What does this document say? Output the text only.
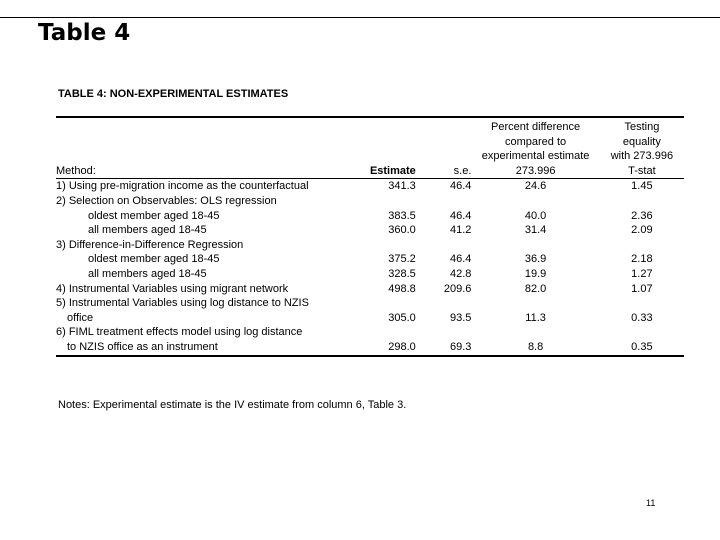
Table 4
TABLE 4: NON-EXPERIMENTAL ESTIMATES
			Percent difference	Testing
			compared to	equality
			experimental estimate	with 273.996
Method:	Estimate	s.e.	273.996	T-stat
1) Using pre-migration income as the counterfactual	341.3	46.4	24.6	1.45
2) Selection on Observables: OLS regression				
oldest member aged 18-45	383.5	46.4	40.0	2.36
all members aged 18-45	360.0	41.2	31.4	2.09
3) Difference-in-Difference Regression				
oldest member aged 18-45	375.2	46.4	36.9	2.18
all members aged 18-45	328.5	42.8	19.9	1.27
4) Instrumental Variables using migrant network	498.8	209.6	82.0	1.07
5) Instrumental Variables using log distance to NZIS				
office	305.0	93.5	11.3	0.33
6) FIML treatment effects model using log distance				
to NZIS office as an instrument	298.0	69.3	8.8	0.35
Notes: Experimental estimate is the IV estimate from column 6, Table 3.
11
